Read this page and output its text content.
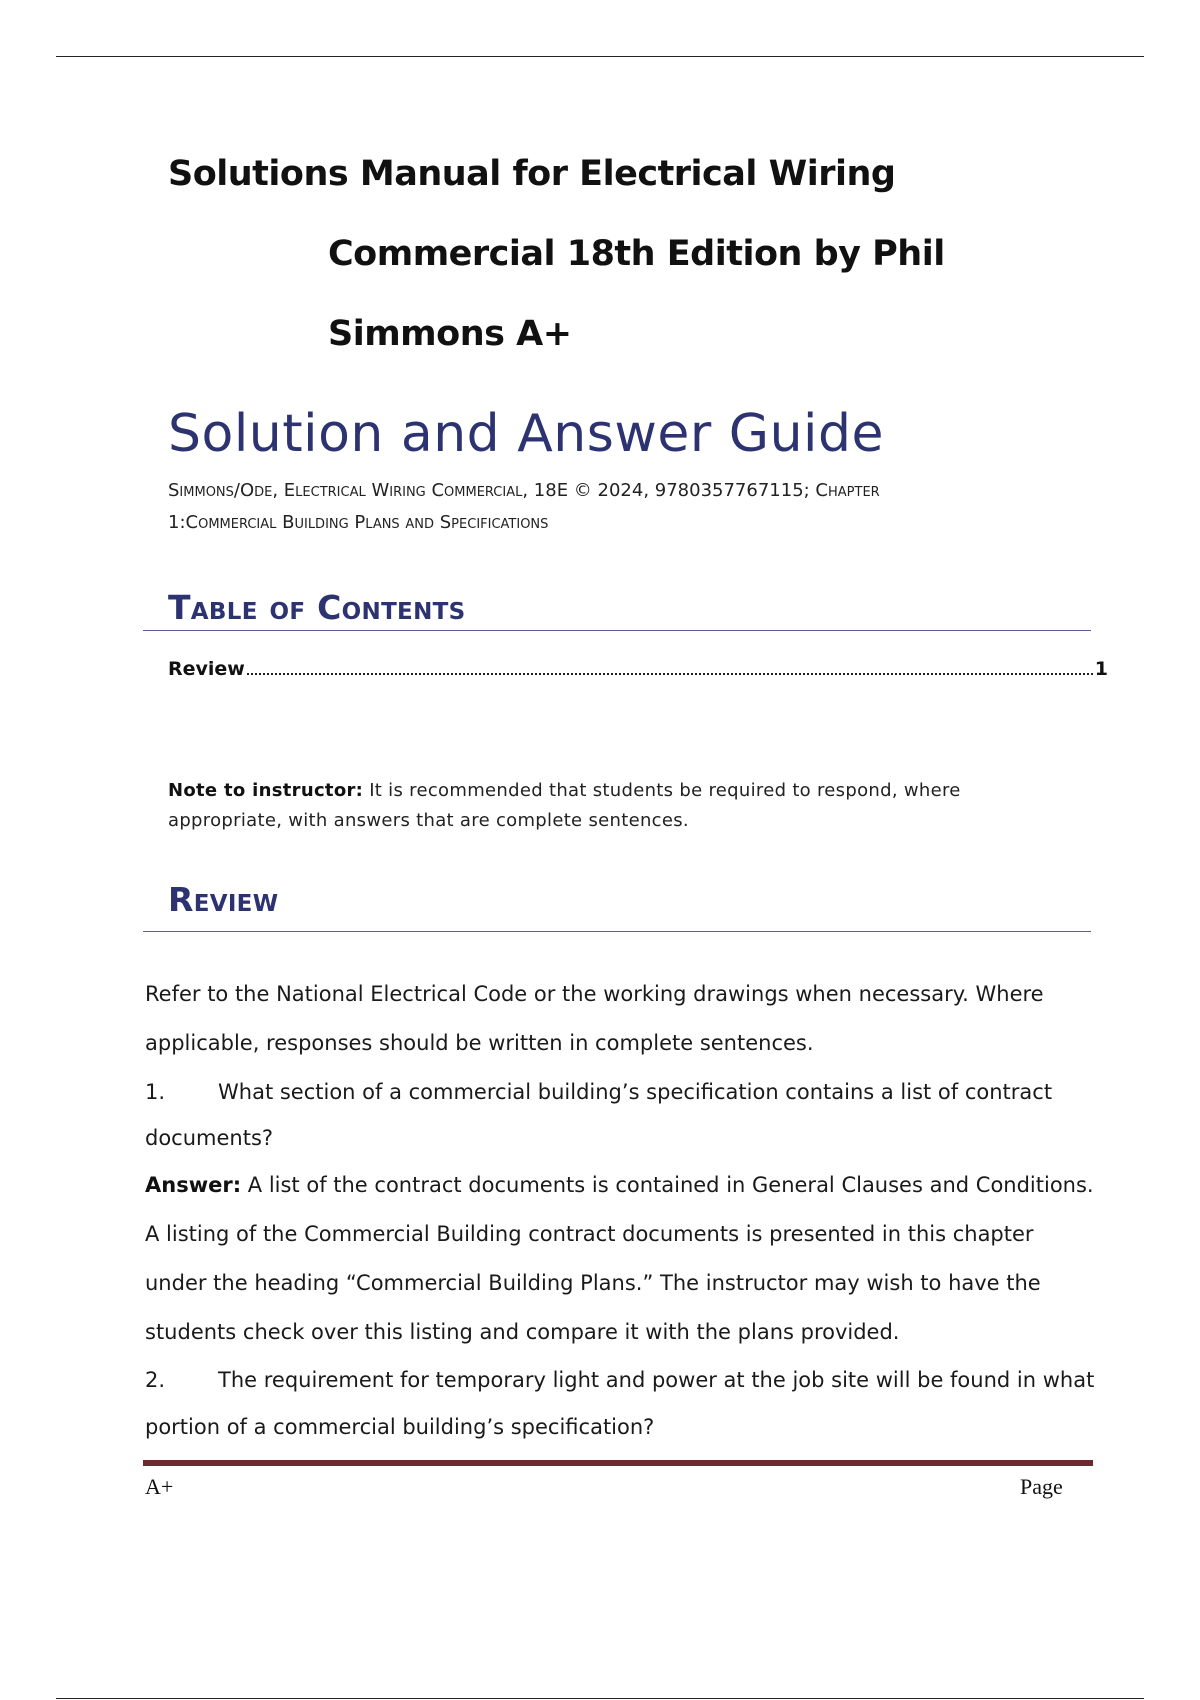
Solutions Manual for Electrical Wiring
Commercial 18th Edition by Phil
Simmons A+
Solution and Answer Guide
Simmons/Ode, Electrical Wiring Commercial, 18E © 2024, 9780357767115; Chapter
1:Commercial Building Plans and Specifications
Table of Contents
Review	1
Note to instructor: It is recommended that students be required to respond, where appropriate, with answers that are complete sentences.
Review
Refer to the National Electrical Code or the working drawings when necessary. Where
applicable, responses should be written in complete sentences.
1.	What section of a commercial building’s specification contains a list of contract
documents?
Answer: A list of the contract documents is contained in General Clauses and Conditions.
A listing of the Commercial Building contract documents is presented in this chapter
under the heading “Commercial Building Plans.” The instructor may wish to have the
students check over this listing and compare it with the plans provided.
2.	The requirement for temporary light and power at the job site will be found in what
portion of a commercial building’s specification?
A+	Page
